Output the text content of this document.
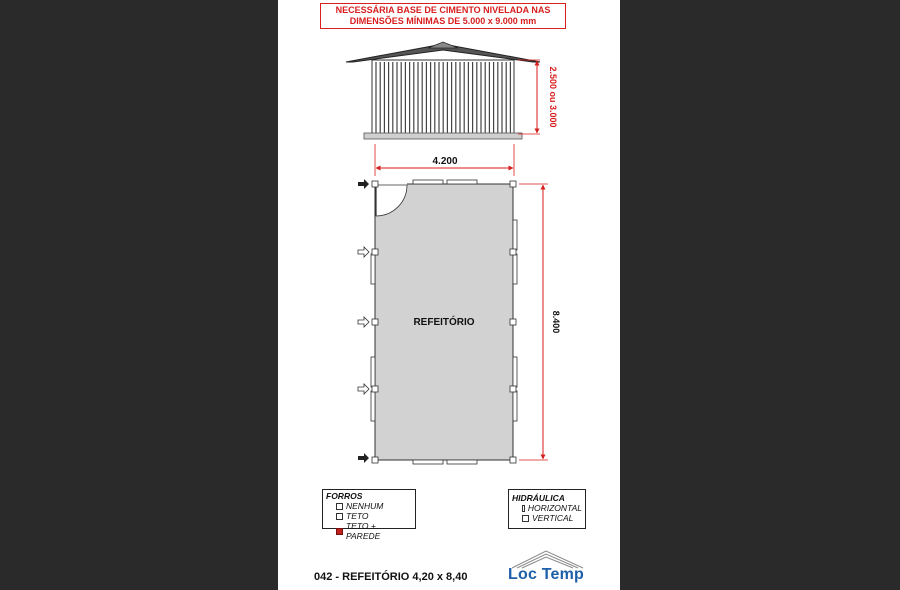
NECESSÁRIA BASE DE CIMENTO NIVELADA NAS
DIMENSÕES MÍNIMAS DE 5.000 x 9.000 mm
2.500 ou 3.000
4.200
REFEITÓRIO	8.400
FORROS
NENHUM
TETO
TETO + PAREDE
HIDRÁULICA
HORIZONTAL
VERTICAL
042 - REFEITÓRIO 4,20 x 8,40	Loc Temp
